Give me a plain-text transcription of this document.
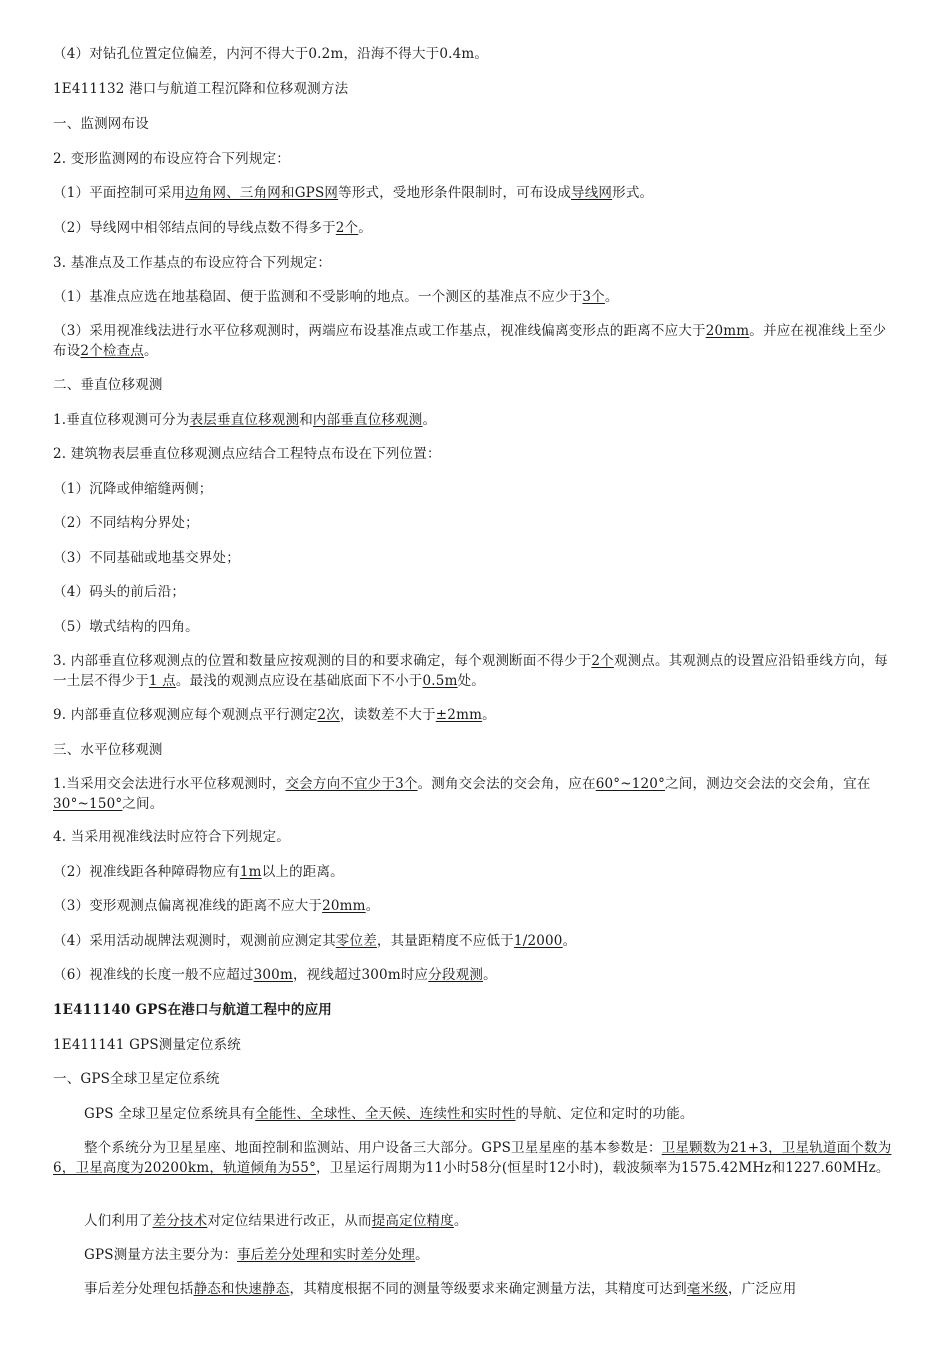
（4）对钻孔位置定位偏差，内河不得大于0.2m，沿海不得大于0.4m。
1E411132 港口与航道工程沉降和位移观测方法
一、监测网布设
2. 变形监测网的布设应符合下列规定：
（1）平面控制可采用边角网、三角网和GPS网等形式，受地形条件限制时，可布设成导线网形式。
（2）导线网中相邻结点间的导线点数不得多于2个。
3. 基准点及工作基点的布设应符合下列规定：
（1）基准点应选在地基稳固、便于监测和不受影响的地点。一个测区的基准点不应少于3个。
（3）采用视准线法进行水平位移观测时，两端应布设基准点或工作基点，视准线偏离变形点的距离不应大于20mm。并应在视准线上至少布设2个检查点。
二、垂直位移观测
1.垂直位移观测可分为表层垂直位移观测和内部垂直位移观测。
2. 建筑物表层垂直位移观测点应结合工程特点布设在下列位置：
（1）沉降或伸缩缝两侧；
（2）不同结构分界处；
（3）不同基础或地基交界处；
（4）码头的前后沿；
（5）墩式结构的四角。
3. 内部垂直位移观测点的位置和数量应按观测的目的和要求确定，每个观测断面不得少于2个观测点。其观测点的设置应沿铅垂线方向，每一土层不得少于1 点。最浅的观测点应设在基础底面下不小于0.5m处。
9. 内部垂直位移观测应每个观测点平行测定2次，读数差不大于±2mm。
三、水平位移观测
1.当采用交会法进行水平位移观测时，交会方向不宜少于3个。测角交会法的交会角，应在60°~120°之间，测边交会法的交会角，宜在30°~150°之间。
4. 当采用视准线法时应符合下列规定。
（2）视准线距各种障碍物应有1m以上的距离。
（3）变形观测点偏离视准线的距离不应大于20mm。
（4）采用活动觇牌法观测时，观测前应测定其零位差，其量距精度不应低于1/2000。
（6）视准线的长度一般不应超过300m，视线超过300m时应分段观测。
1E411140 GPS在港口与航道工程中的应用
1E411141 GPS测量定位系统
一、GPS全球卫星定位系统
GPS 全球卫星定位系统具有全能性、全球性、全天候、连续性和实时性的导航、定位和定时的功能。
整个系统分为卫星星座、地面控制和监测站、用户设备三大部分。GPS卫星星座的基本参数是：卫星颗数为21+3，卫星轨道面个数为6，卫星高度为20200km，轨道倾角为55°，卫星运行周期为11小时58分(恒星时12小时)，载波频率为1575.42MHz和1227.60MHz。
人们利用了差分技术对定位结果进行改正，从而提高定位精度。
GPS测量方法主要分为：事后差分处理和实时差分处理。
事后差分处理包括静态和快速静态，其精度根据不同的测量等级要求来确定测量方法，其精度可达到毫米级，广泛应用
